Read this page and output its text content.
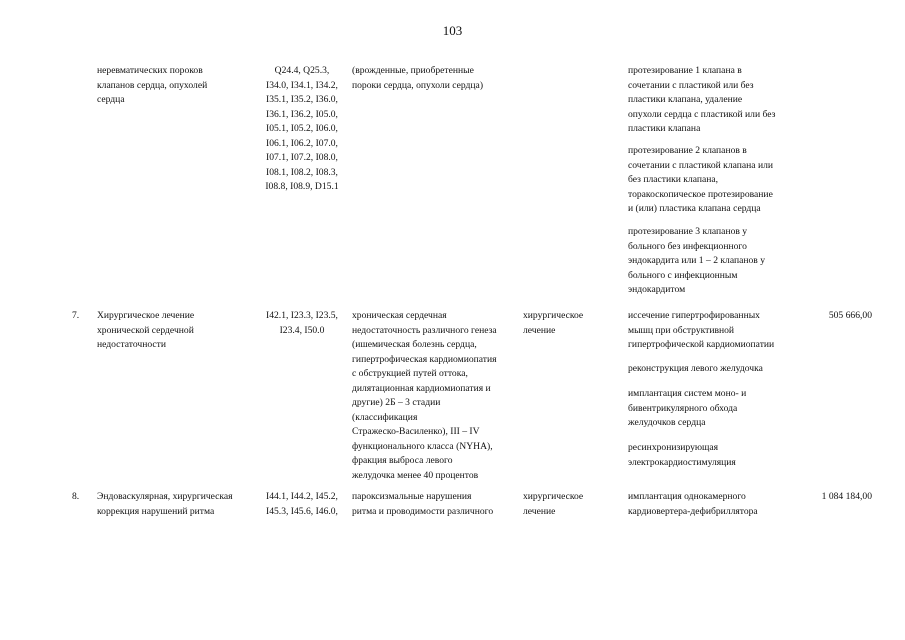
103
неревматических пороков
клапанов сердца, опухолей
сердца
Q24.4, Q25.3,
I34.0, I34.1, I34.2,
I35.1, I35.2, I36.0,
I36.1, I36.2, I05.0,
I05.1, I05.2, I06.0,
I06.1, I06.2, I07.0,
I07.1, I07.2, I08.0,
I08.1, I08.2, I08.3,
I08.8, I08.9, D15.1
(врожденные, приобретенные
пороки сердца, опухоли сердца)
протезирование 1 клапана в
сочетании с пластикой или без
пластики клапана, удаление
опухоли сердца с пластикой или без
пластики клапана
протезирование 2 клапанов в
сочетании с пластикой клапана или
без пластики клапана,
торакоскопическое протезирование
и (или) пластика клапана сердца
протезирование 3 клапанов у
больного без инфекционного
эндокардита или 1 – 2 клапанов у
больного с инфекционным
эндокардитом
7. Хирургическое лечение
хронической сердечной
недостаточности
I42.1, I23.3, I23.5,
I23.4, I50.0
хроническая сердечная
недостаточность различного генеза
(ишемическая болезнь сердца,
гипертрофическая кардиомиопатия
с обструкцией путей оттока,
дилятационная кардиомиопатия и
другие) 2Б – 3 стадии
(классификация
Стражеско-Василенко), III – IV
функционального класса (NYHA),
фракция выброса левого
желудочка менее 40 процентов
хирургическое
лечение
иссечение гипертрофированных
мышц при обструктивной
гипертрофической кардиомиопатии
реконструкция левого желудочка
имплантация систем моно- и
бивентрикулярного обхода
желудочков сердца
ресинхронизирующая
электрокардиостимуляция
505 666,00
8. Эндоваскулярная, хирургическая
коррекция нарушений ритма
I44.1, I44.2, I45.2,
I45.3, I45.6, I46.0,
пароксизмальные нарушения
ритма и проводимости различного
хирургическое
лечение
имплантация однокамерного
кардиовертера-дефибриллятора
1 084 184,00
